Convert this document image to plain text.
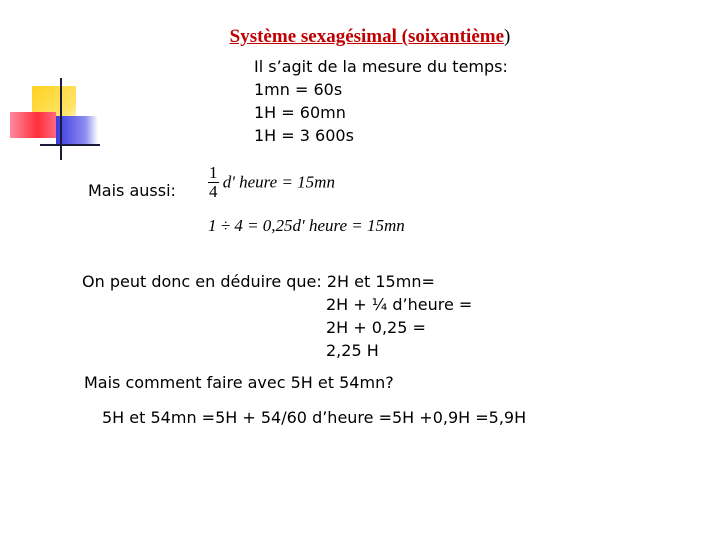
Système sexagésimal (soixantième)
Il s’agit de la mesure du temps:
1mn = 60s
1H = 60mn
1H = 3 600s
Mais aussi: $\frac{1}{4} d'$ heure = 15mn
1 ÷ 4 = 0,25d' heure = 15mn
On peut donc en déduire que: 2H et 15mn=
2H + ¼ d’heure =
2H + 0,25 =
2,25 H
Mais comment faire avec 5H et 54mn?
5H et 54mn =5H + 54/60 d’heure =5H +0,9H =5,9H
